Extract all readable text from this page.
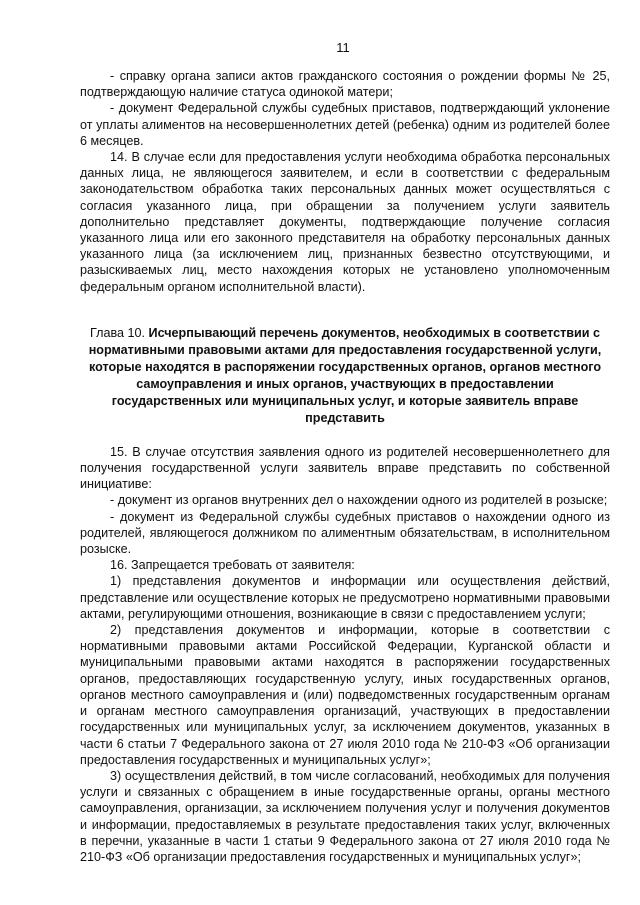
11

- справку органа записи актов гражданского состояния о рождении формы № 25, подтверждающую наличие статуса одинокой матери;

- документ Федеральной службы судебных приставов, подтверждающий уклонение от уплаты алиментов на несовершеннолетних детей (ребенка) одним из родителей более 6 месяцев.

14. В случае если для предоставления услуги необходима обработка персональных данных лица, не являющегося заявителем, и если в соответствии с федеральным законодательством обработка таких персональных данных может осуществляться с согласия указанного лица, при обращении за получением услуги заявитель дополнительно представляет документы, подтверждающие получение согласия указанного лица или его законного представителя на обработку персональных данных указанного лица (за исключением лиц, признанных безвестно отсутствующими, и разыскиваемых лиц, место нахождения которых не установлено уполномоченным федеральным органом исполнительной власти).

Глава 10. Исчерпывающий перечень документов, необходимых в соответствии с нормативными правовыми актами для предоставления государственной услуги, которые находятся в распоряжении государственных органов, органов местного самоуправления и иных органов, участвующих в предоставлении государственных или муниципальных услуг, и которые заявитель вправе представить

15. В случае отсутствия заявления одного из родителей несовершеннолетнего для получения государственной услуги заявитель вправе представить по собственной инициативе:

- документ из органов внутренних дел о нахождении одного из родителей в розыске;

- документ из Федеральной службы судебных приставов о нахождении одного из родителей, являющегося должником по алиментным обязательствам, в исполнительном розыске.

16. Запрещается требовать от заявителя:

1) представления документов и информации или осуществления действий, представление или осуществление которых не предусмотрено нормативными правовыми актами, регулирующими отношения, возникающие в связи с предоставлением услуги;

2) представления документов и информации, которые в соответствии с нормативными правовыми актами Российской Федерации, Курганской области и муниципальными правовыми актами находятся в распоряжении государственных органов, предоставляющих государственную услугу, иных государственных органов, органов местного самоуправления и (или) подведомственных государственным органам и органам местного самоуправления организаций, участвующих в предоставлении государственных или муниципальных услуг, за исключением документов, указанных в части 6 статьи 7 Федерального закона от 27 июля 2010 года № 210-ФЗ «Об организации предоставления государственных и муниципальных услуг»;

3) осуществления действий, в том числе согласований, необходимых для получения услуги и связанных с обращением в иные государственные органы, органы местного самоуправления, организации, за исключением получения услуг и получения документов и информации, предоставляемых в результате предоставления таких услуг, включенных в перечни, указанные в части 1 статьи 9 Федерального закона от 27 июля 2010 года № 210-ФЗ «Об организации предоставления государственных и муниципальных услуг»;
